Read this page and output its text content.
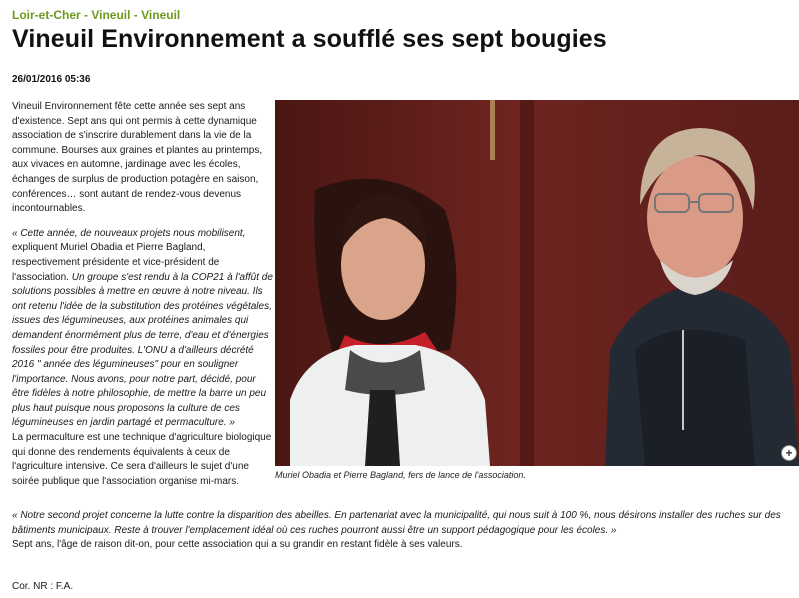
Loir-et-Cher - Vineuil - Vineuil
Vineuil Environnement a soufflé ses sept bougies
26/01/2016 05:36

Vineuil Environnement fête cette année ses sept ans d'existence. Sept ans qui ont permis à cette dynamique association de s'inscrire durablement dans la vie de la commune. Bourses aux graines et plantes au printemps, aux vivaces en automne, jardinage avec les écoles, échanges de surplus de production potagère en saison, conférences… sont autant de rendez-vous devenus incontournables.

« Cette année, de nouveaux projets nous mobilisent, expliquent Muriel Obadia et Pierre Bagland, respectivement présidente et vice-président de l'association. Un groupe s'est rendu à la COP21 à l'affût de solutions possibles à mettre en œuvre à notre niveau. Ils ont retenu l'idée de la substitution des protéines végétales, issues des légumineuses, aux protéines animales qui demandent énormément plus de terre, d'eau et d'énergies fossiles pour être produites. L'ONU a d'ailleurs décrété 2016 " année des légumineuses" pour en souligner l'importance. Nous avons, pour notre part, décidé, pour être fidèles à notre philosophie, de mettre la barre un peu plus haut puisque nous proposons la culture de ces légumineuses en jardin partagé et permaculture. »

La permaculture est une technique d'agriculture biologique qui donne des rendements équivalents à ceux de l'agriculture intensive. Ce sera d'ailleurs le sujet d'une soirée publique que l'association organise mi-mars.

+
Muriel Obadia et Pierre Bagland, fers de lance de l'association.
« Notre second projet concerne la lutte contre la disparition des abeilles. En partenariat avec la municipalité, qui nous suit à 100 %, nous désirons installer des ruches sur des bâtiments municipaux. Reste à trouver l'emplacement idéal où ces ruches pourront aussi être un support pédagogique pour les écoles. »
Sept ans, l'âge de raison dit-on, pour cette association qui a su grandir en restant fidèle à ses valeurs.
Cor. NR : F.A.
